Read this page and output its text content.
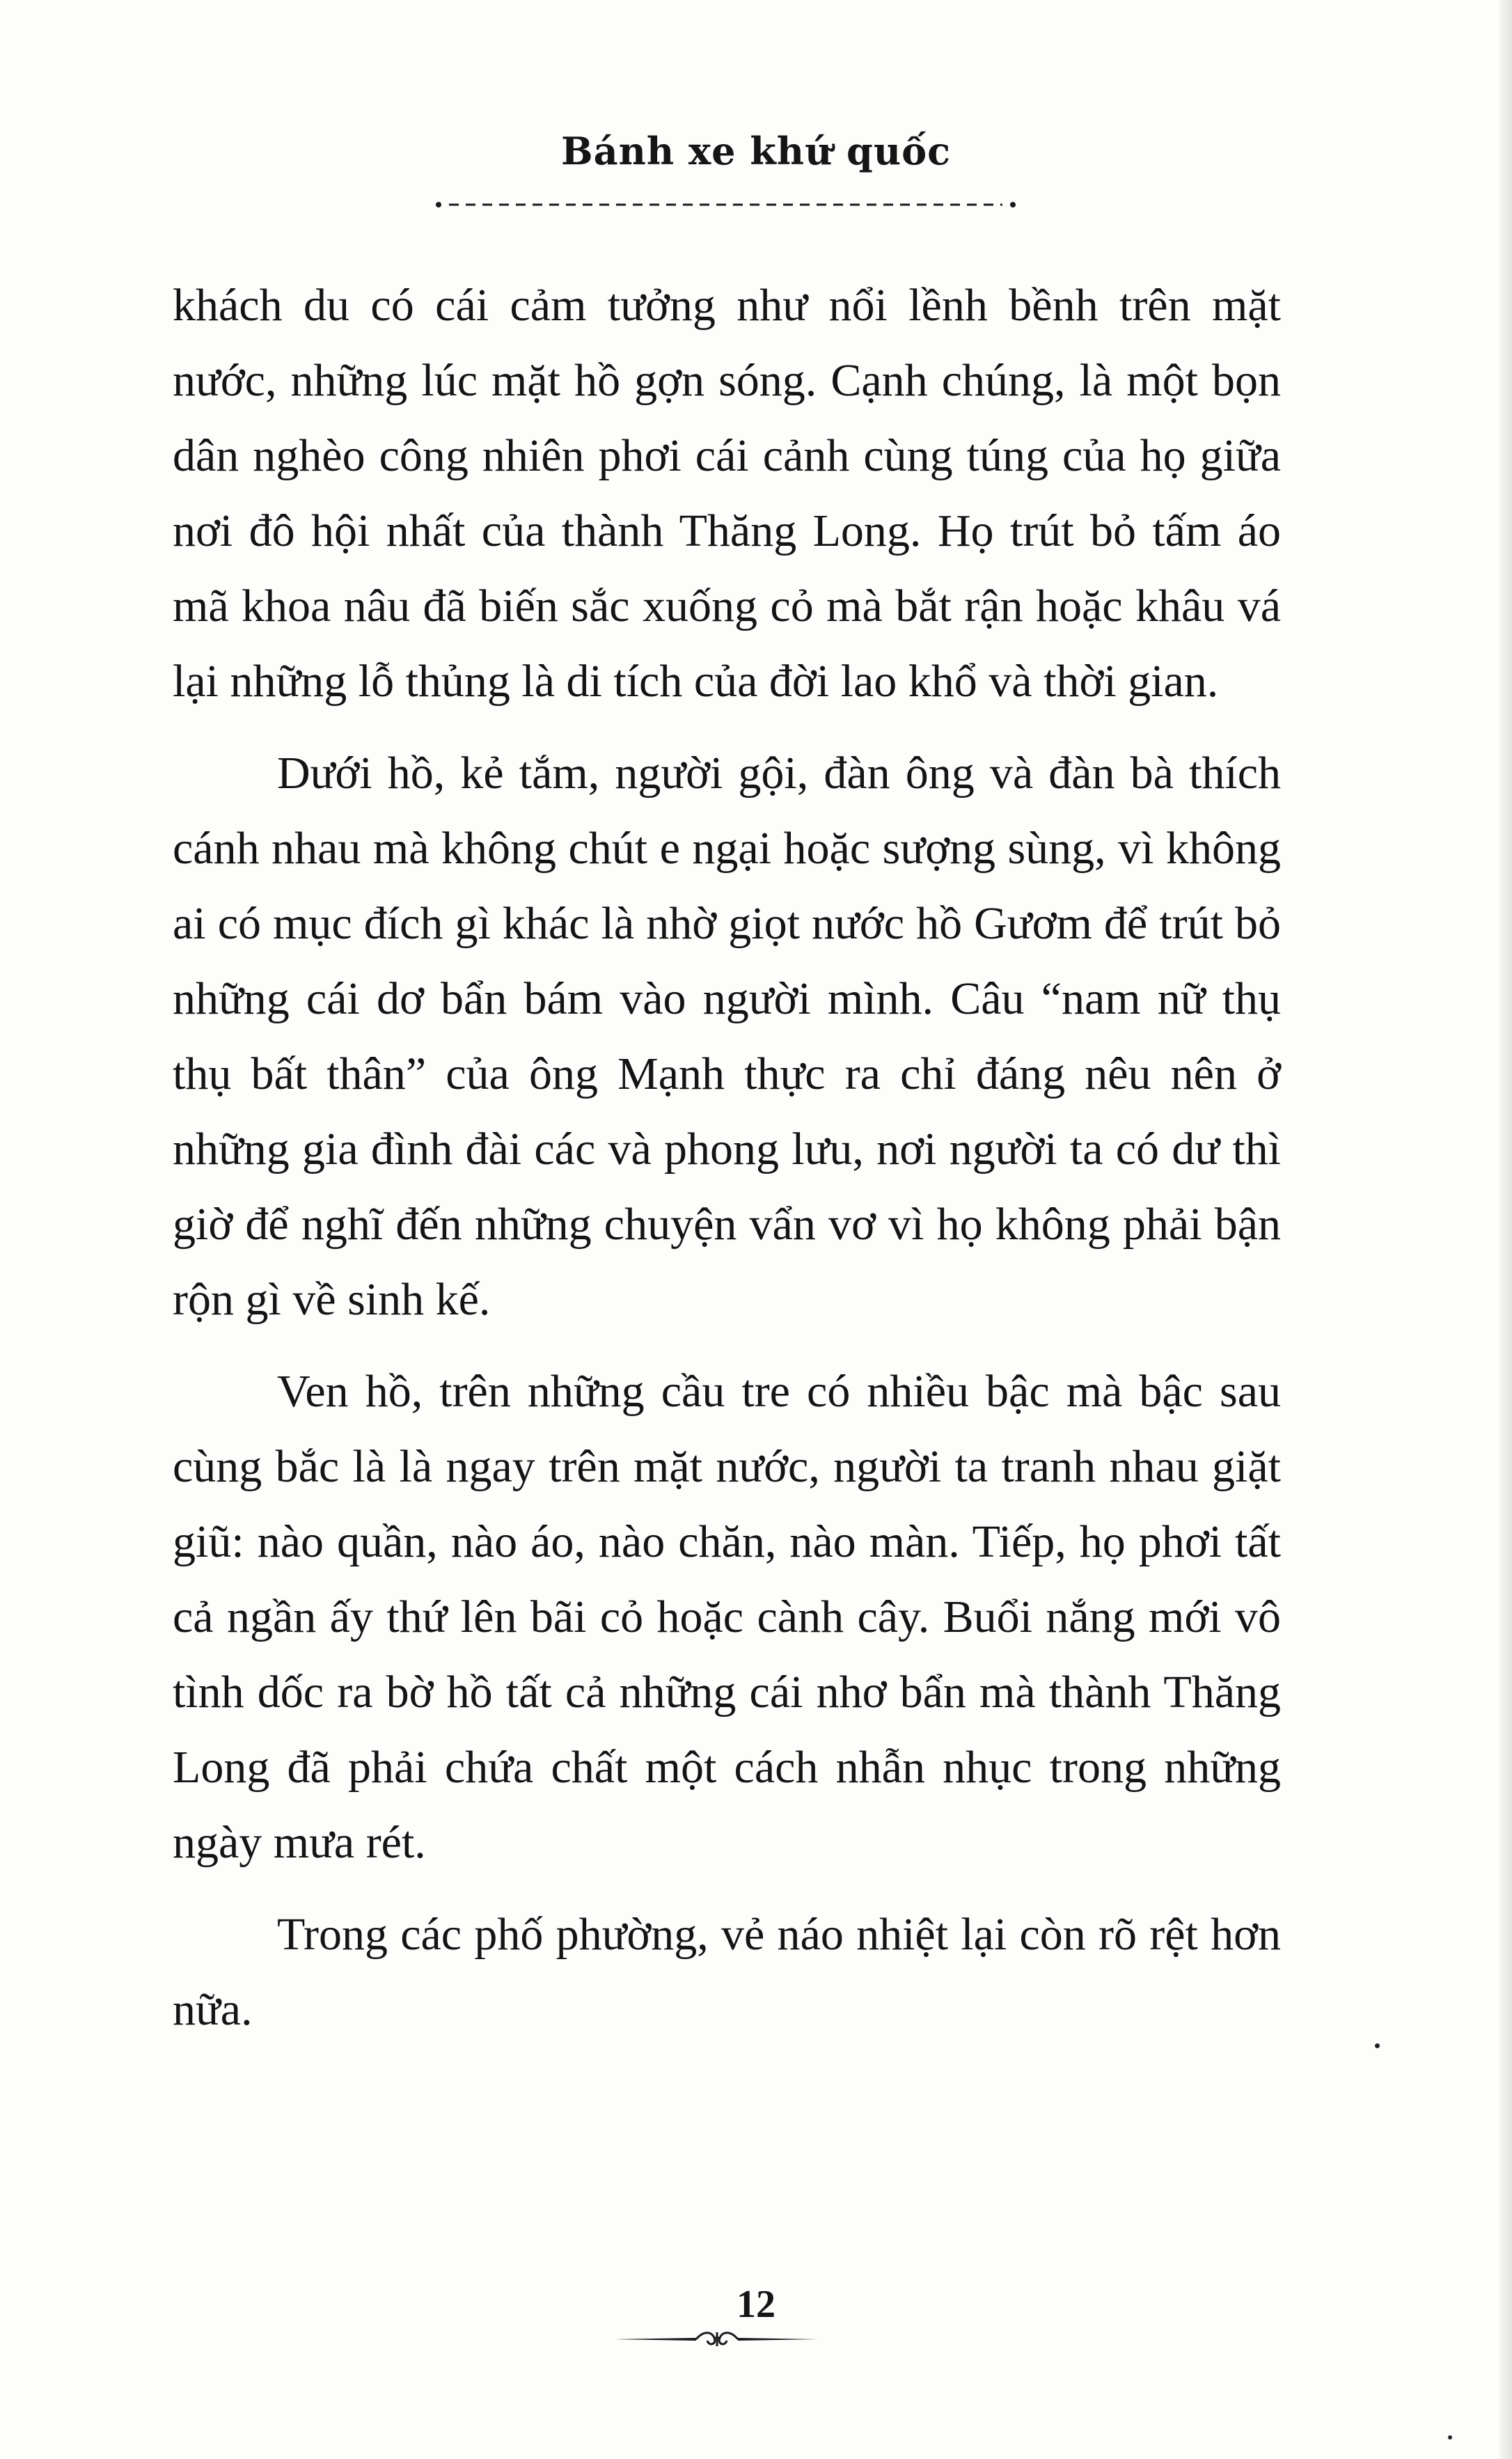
Bánh xe khứ quốc

khách du có cái cảm tưởng như nổi lềnh bềnh trên mặt nước, những lúc mặt hồ gợn sóng. Cạnh chúng, là một bọn dân nghèo công nhiên phơi cái cảnh cùng túng của họ giữa nơi đô hội nhất của thành Thăng Long. Họ trút bỏ tấm áo mã khoa nâu đã biến sắc xuống cỏ mà bắt rận hoặc khâu vá lại những lỗ thủng là di tích của đời lao khổ và thời gian.

Dưới hồ, kẻ tắm, người gội, đàn ông và đàn bà thích cánh nhau mà không chút e ngại hoặc sượng sùng, vì không ai có mục đích gì khác là nhờ giọt nước hồ Gươm để trút bỏ những cái dơ bẩn bám vào người mình. Câu “nam nữ thụ thụ bất thân” của ông Mạnh thực ra chỉ đáng nêu nên ở những gia đình đài các và phong lưu, nơi người ta có dư thì giờ để nghĩ đến những chuyện vẩn vơ vì họ không phải bận rộn gì về sinh kế.

Ven hồ, trên những cầu tre có nhiều bậc mà bậc sau cùng bắc là là ngay trên mặt nước, người ta tranh nhau giặt giũ: nào quần, nào áo, nào chăn, nào màn. Tiếp, họ phơi tất cả ngần ấy thứ lên bãi cỏ hoặc cành cây. Buổi nắng mới vô tình dốc ra bờ hồ tất cả những cái nhơ bẩn mà thành Thăng Long đã phải chứa chất một cách nhẫn nhục trong những ngày mưa rét.

Trong các phố phường, vẻ náo nhiệt lại còn rõ rệt hơn nữa.

12
